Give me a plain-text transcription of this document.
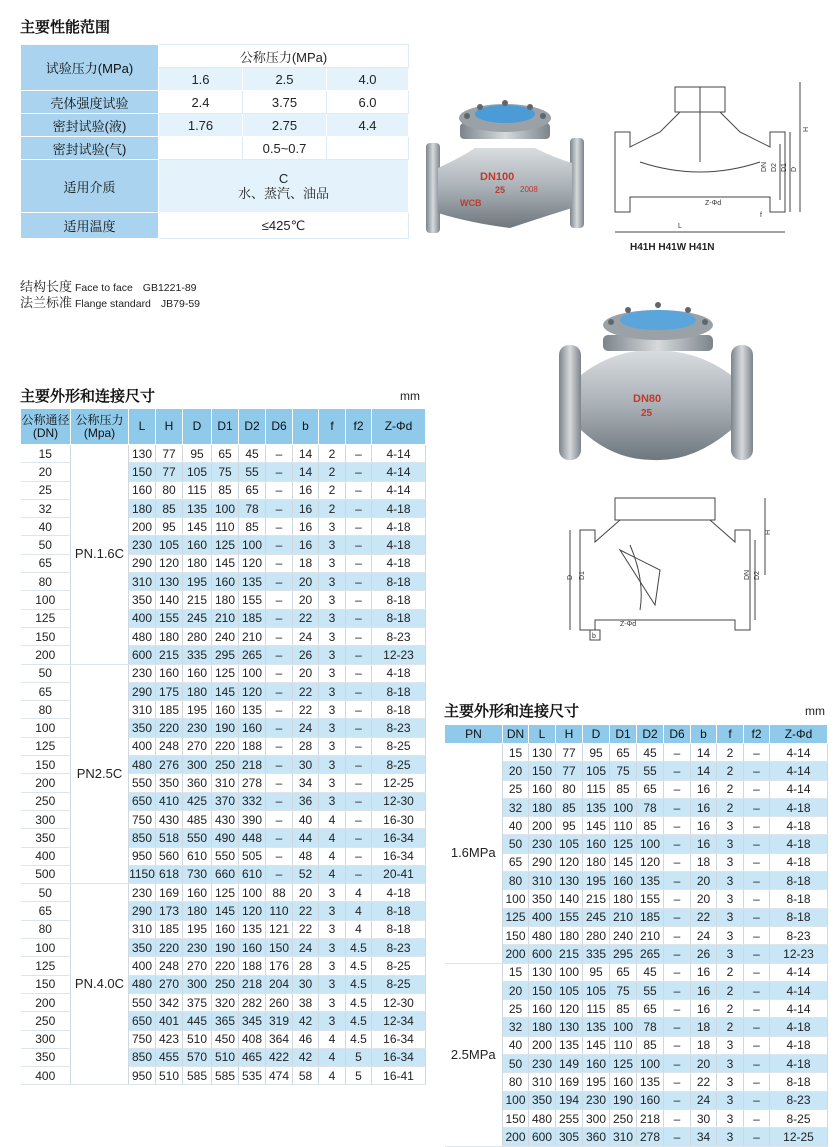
主要性能范围
试验压力(MPa)	公称压力(MPa)		
	1.6	2.5	4.0
壳体强度试验	2.4	3.75	6.0
密封试验(液)	1.76	2.75	4.4
密封试验(气)		0.5~0.7	
适用介质	C
水、蒸汽、油品		

适用温度	≤425℃		
结构长度 Face to face GB1221-89
法兰标准 Flange standard JB79-59
DN100
25
WCB
2008
DN D2 D1 D
L
H
Z-Φd
f
H41H H41W H41N
DN80
25
H
D D1	DN D2
Z-Φd
b
主要外形和连接尺寸	mm
公称通径
(DN)	公称压力
(Mpa)	L	H	D	D1	D2	D6	b	f	f2	Z-Φd
15	PN.1.6C	130	77	95	65	45	–	14	2	–	4-14
20		150	77	105	75	55	–	14	2	–	4-14
25		160	80	115	85	65	–	16	2	–	4-14
32		180	85	135	100	78	–	16	2	–	4-18
40		200	95	145	110	85	–	16	3	–	4-18
50		230	105	160	125	100	–	16	3	–	4-18
65		290	120	180	145	120	–	18	3	–	4-18
80		310	130	195	160	135	–	20	3	–	8-18
100		350	140	215	180	155	–	20	3	–	8-18
125		400	155	245	210	185	–	22	3	–	8-18
150		480	180	280	240	210	–	24	3	–	8-23
200		600	215	335	295	265	–	26	3	–	12-23
50	PN2.5C	230	160	160	125	100	–	20	3	–	4-18
65		290	175	180	145	120	–	22	3	–	8-18
80		310	185	195	160	135	–	22	3	–	8-18
100		350	220	230	190	160	–	24	3	–	8-23
125		400	248	270	220	188	–	28	3	–	8-25
150		480	276	300	250	218	–	30	3	–	8-25
200		550	350	360	310	278	–	34	3	–	12-25
250		650	410	425	370	332	–	36	3	–	12-30
300		750	430	485	430	390	–	40	4	–	16-30
350		850	518	550	490	448	–	44	4	–	16-34
400		950	560	610	550	505	–	48	4	–	16-34
500		1150	618	730	660	610	–	52	4	–	20-41
50	PN.4.0C	230	169	160	125	100	88	20	3	4	4-18
65		290	173	180	145	120	110	22	3	4	8-18
80		310	185	195	160	135	121	22	3	4	8-18
100		350	220	230	190	160	150	24	3	4.5	8-23
125		400	248	270	220	188	176	28	3	4.5	8-25
150		480	270	300	250	218	204	30	3	4.5	8-25
200		550	342	375	320	282	260	38	3	4.5	12-30
250		650	401	445	365	345	319	42	3	4.5	12-34
300		750	423	510	450	408	364	46	4	4.5	16-34
350		850	455	570	510	465	422	42	4	5	16-34
400		950	510	585	585	535	474	58	4	5	16-41
主要外形和连接尺寸	mm
PN	DN	L	H	D	D1	D2	D6	b	f	f2	Z-Φd
1.6MPa	15	130	77	95	65	45	–	14	2	–	4-14
	20	150	77	105	75	55	–	14	2	–	4-14
	25	160	80	115	85	65	–	16	2	–	4-14
	32	180	85	135	100	78	–	16	2	–	4-18
	40	200	95	145	110	85	–	16	3	–	4-18
	50	230	105	160	125	100	–	16	3	–	4-18
	65	290	120	180	145	120	–	18	3	–	4-18
	80	310	130	195	160	135	–	20	3	–	8-18
	100	350	140	215	180	155	–	20	3	–	8-18
	125	400	155	245	210	185	–	22	3	–	8-18
	150	480	180	280	240	210	–	24	3	–	8-23
	200	600	215	335	295	265	–	26	3	–	12-23
2.5MPa	15	130	100	95	65	45	–	16	2	–	4-14
	20	150	105	105	75	55	–	16	2	–	4-14
	25	160	120	115	85	65	–	16	2	–	4-14
	32	180	130	135	100	78	–	18	2	–	4-18
	40	200	135	145	110	85	–	18	3	–	4-18
	50	230	149	160	125	100	–	20	3	–	4-18
	80	310	169	195	160	135	–	22	3	–	8-18
	100	350	194	230	190	160	–	24	3	–	8-23
	150	480	255	300	250	218	–	30	3	–	8-25
	200	600	305	360	310	278	–	34	3	–	12-25
